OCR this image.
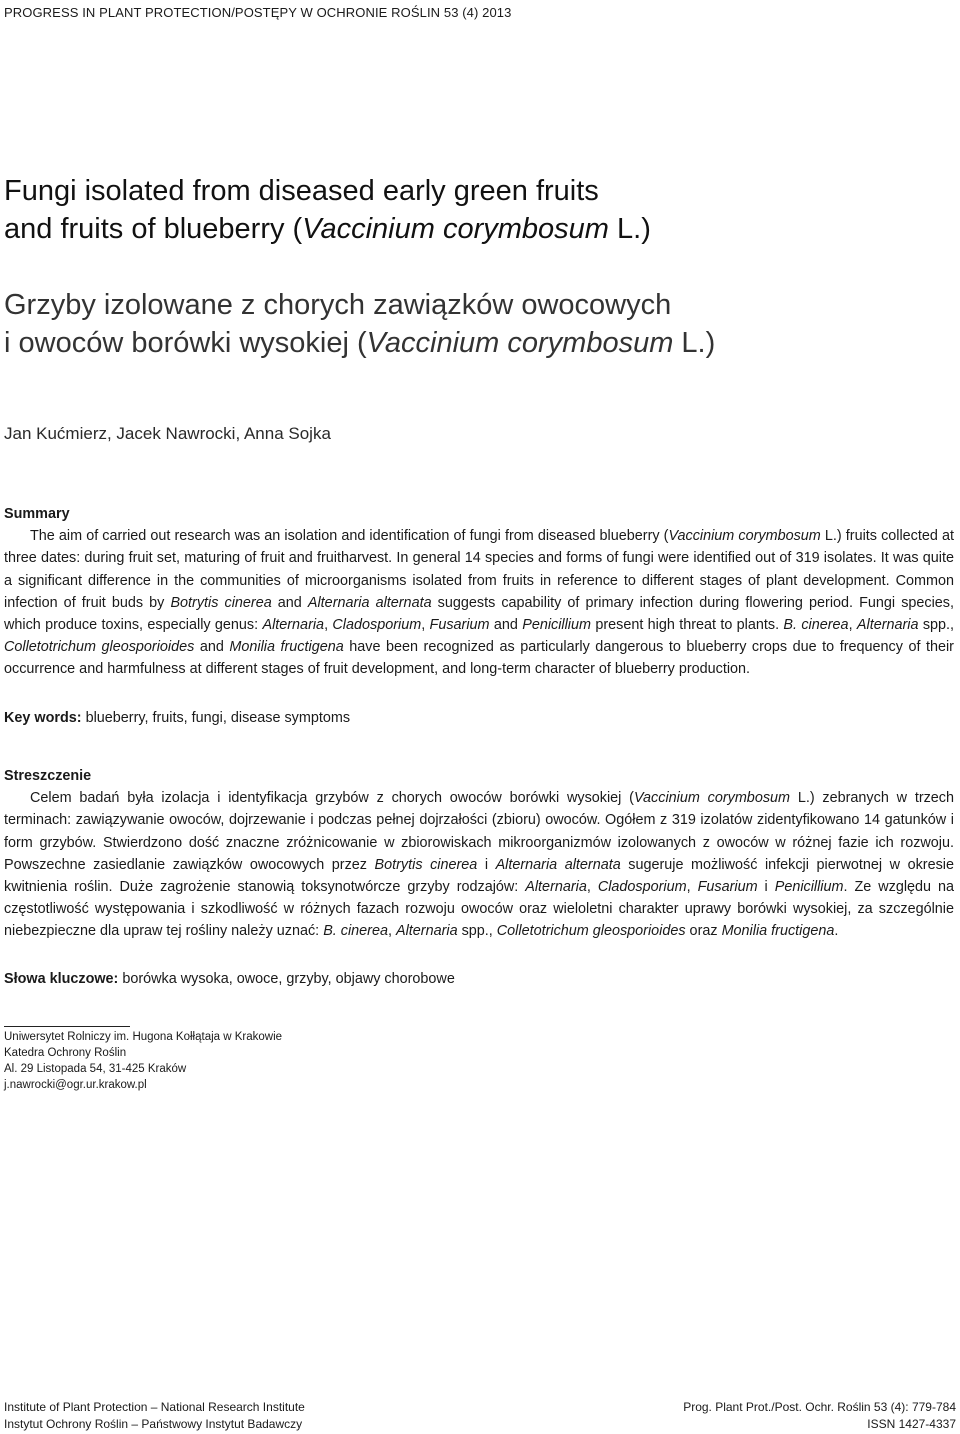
PROGRESS IN PLANT PROTECTION/POSTĘPY W OCHRONIE ROŚLIN 53 (4) 2013
Fungi isolated from diseased early green fruits
and fruits of blueberry (Vaccinium corymbosum L.)
Grzyby izolowane z chorych zawiązków owocowych
i owoców borówki wysokiej (Vaccinium corymbosum L.)
Jan Kućmierz, Jacek Nawrocki, Anna Sojka
Summary
The aim of carried out research was an isolation and identification of fungi from diseased blueberry (Vaccinium corymbosum L.) fruits collected at three dates: during fruit set, maturing of fruit and fruitharvest. In general 14 species and forms of fungi were identified out of 319 isolates. It was quite a significant difference in the communities of microorganisms isolated from fruits in reference to different stages of plant development. Common infection of fruit buds by Botrytis cinerea and Alternaria alternata suggests capability of primary infection during flowering period. Fungi species, which produce toxins, especially genus: Alternaria, Cladosporium, Fusarium and Penicillium present high threat to plants. B. cinerea, Alternaria spp., Colletotrichum gleosporioides and Monilia fructigena have been recognized as particularly dangerous to blueberry crops due to frequency of their occurrence and harmfulness at different stages of fruit development, and long-term character of blueberry production.
Key words: blueberry, fruits, fungi, disease symptoms
Streszczenie
Celem badań była izolacja i identyfikacja grzybów z chorych owoców borówki wysokiej (Vaccinium corymbosum L.) zebranych w trzech terminach: zawiązywanie owoców, dojrzewanie i podczas pełnej dojrzałości (zbioru) owoców. Ogółem z 319 izolatów zidentyfikowano 14 gatunków i form grzybów. Stwierdzono dość znaczne zróżnicowanie w zbiorowiskach mikroorganizmów izolowanych z owoców w różnej fazie ich rozwoju. Powszechne zasiedlanie zawiązków owocowych przez Botrytis cinerea i Alternaria alternata sugeruje możliwość infekcji pierwotnej w okresie kwitnienia roślin. Duże zagrożenie stanowią toksynotwórcze grzyby rodzajów: Alternaria, Cladosporium, Fusarium i Penicillium. Ze względu na częstotliwość występowania i szkodliwość w różnych fazach rozwoju owoców oraz wieloletni charakter uprawy borówki wysokiej, za szczególnie niebezpieczne dla upraw tej rośliny należy uznać: B. cinerea, Alternaria spp., Colletotrichum gleosporioides oraz Monilia fructigena.
Słowa kluczowe: borówka wysoka, owoce, grzyby, objawy chorobowe
Uniwersytet Rolniczy im. Hugona Kołłątaja w Krakowie
Katedra Ochrony Roślin
Al. 29 Listopada 54, 31-425 Kraków
j.nawrocki@ogr.ur.krakow.pl
Institute of Plant Protection – National Research Institute
Instytut Ochrony Roślin – Państwowy Instytut Badawczy
Prog. Plant Prot./Post. Ochr. Roślin 53 (4): 779-784
ISSN 1427-4337
